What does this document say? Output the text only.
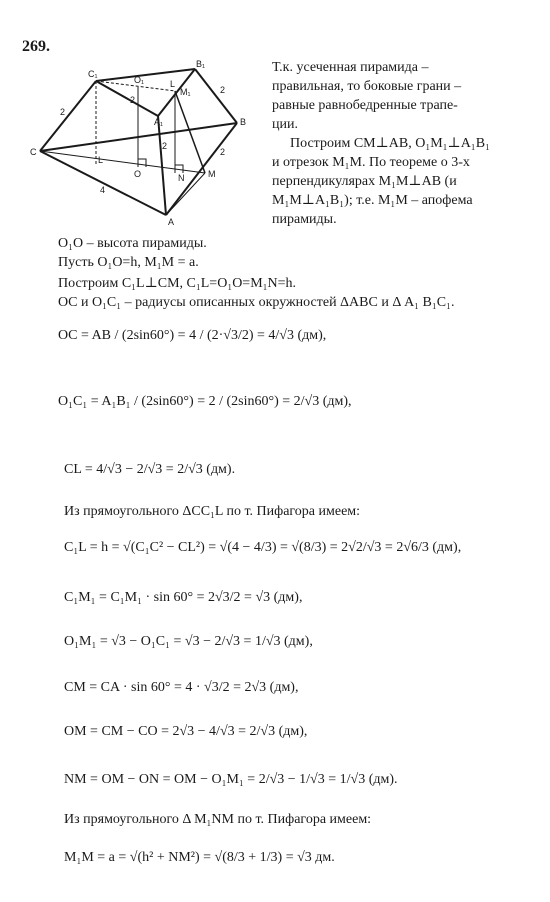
269.
C₁
O₁
B₁
L
M₁
A₁	B
C
L
O	N	M
A
2
2
2
2
2
4
Т.к. усеченная пирамида –
правильная, то боковые грани –
равные равнобедренные трапе-
ции.
Построим CM⊥AB, O₁M₁⊥A₁B₁
и отрезок M₁M. По теореме о 3-х
перпендикулярах M₁M⊥AB (и
M₁M⊥A₁B₁); т.е. M₁M – апофема
пирамиды.
O₁O – высота пирамиды.
Пусть O₁O=h, M₁M = a.
Построим C₁L⊥CM, C₁L=O₁O=M₁N=h.
OC и O₁C₁ – радиусы описанных окружностей ΔABC и Δ A₁ B₁C₁.
OC = AB / (2sin60°) = 4 / (2·√3/2) = 4/√3 (дм),
O₁C₁ = A₁B₁ / (2sin60°) = 2 / (2sin60°) = 2/√3 (дм),
CL = 4/√3 − 2/√3 = 2/√3 (дм).
Из прямоугольного ΔCC₁L по т. Пифагора имеем:
C₁L = h = √(C₁C² − CL²) = √(4 − 4/3) = √(8/3) = 2√2/√3 = 2√6/3 (дм),
C₁M₁ = C₁M₁ · sin 60° = 2√3/2 = √3 (дм),
O₁M₁ = √3 − O₁C₁ = √3 − 2/√3 = 1/√3 (дм),
CM = CA · sin 60° = 4 · √3/2 = 2√3 (дм),
OM = CM − CO = 2√3 − 4/√3 = 2/√3 (дм),
NM = OM − ON = OM − O₁M₁ = 2/√3 − 1/√3 = 1/√3 (дм).
Из прямоугольного Δ M₁NM по т. Пифагора имеем:
M₁M = a = √(h² + NM²) = √(8/3 + 1/3) = √3 дм.
